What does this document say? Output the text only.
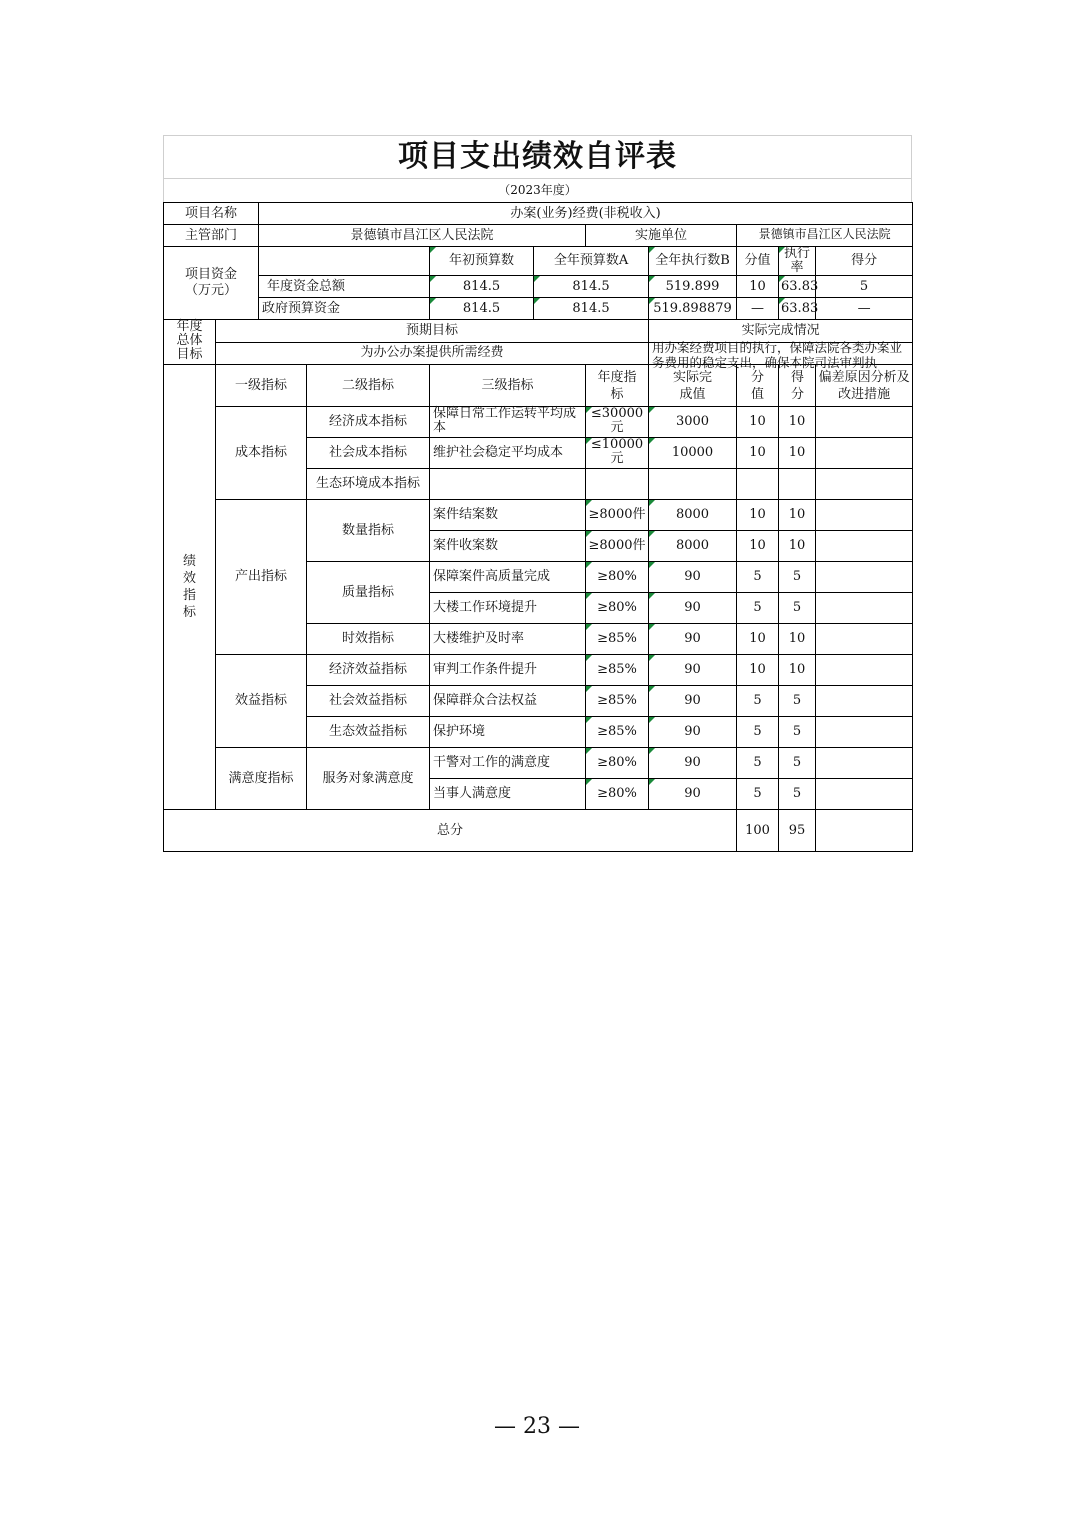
项目支出绩效自评表
（2023年度）
项目名称		办案(业务)经费(非税收入)								
主管部门		景德镇市昌江区人民法院				实施单位		景德镇市昌江区人民法院		

项目资金
（万元）				年初预算数	全年预算数A		全年执行数B	分值	执行率	得分
		年度资金总额		814.5	814.5		519.899	10	63.83	5
		政府预算资金		814.5	814.5		519.898879	—	63.83	—

年度总体目标	预期目标						实际完成情况			
	为办公办案提供所需经费						用办案经费项目的执行，保障法院各类办案业务费用的稳定支出，确保本院司法审判执			

绩效指标	一级指标		二级指标	三级指标		年度指标	实际完成值	分值	得分	偏差原因分析及改进措施
	成本指标		经济成本指标	保障日常工作运转平均成本		≤30000元	3000	10	10	
			社会成本指标	维护社会稳定平均成本		≤10000元	10000	10	10	
			生态环境成本指标							
	产出指标		数量指标	案件结案数		≥8000件	8000	10	10	
				案件收案数		≥8000件	8000	10	10	
			质量指标	保障案件高质量完成		≥80%	90	5	5	
				大楼工作环境提升		≥80%	90	5	5	
			时效指标	大楼维护及时率		≥85%	90	10	10	
	效益指标		经济效益指标	审判工作条件提升		≥85%	90	10	10	
			社会效益指标	保障群众合法权益		≥85%	90	5	5	
			生态效益指标	保护环境		≥85%	90	5	5	
	满意度指标		服务对象满意度	干警对工作的满意度		≥80%	90	5	5	
				当事人满意度		≥80%	90	5	5	
总分								100	95	
— 23 —
